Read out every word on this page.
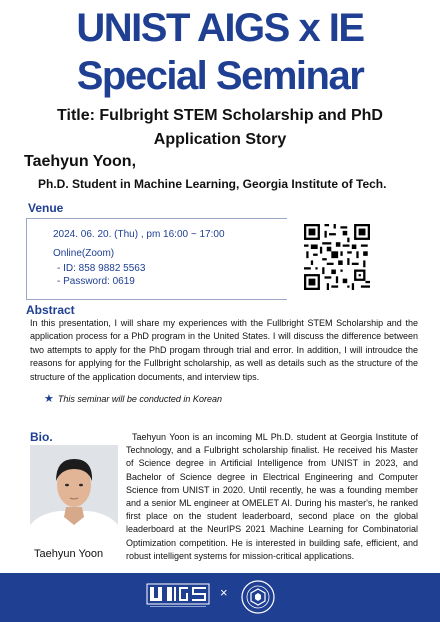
UNIST AIGS x IE
Special Seminar
Title: Fulbright STEM Scholarship and PhD
Application Story
Taehyun Yoon,
Ph.D. Student in Machine Learning, Georgia Institute of Tech.
Venue
2024. 06. 20. (Thu) , pm 16:00 ~ 17:00
Online(Zoom)
- ID: 858 9882 5563
- Password: 0619
Abstract
In this presentation, I will share my experiences with the Fullbright STEM Scholarship and the application process for a PhD program in the United States. I will discuss the difference between two attempts to apply for the PhD progam through trial and error. In addition, I will introudce the reasons for applying for the Fullbright scholarship, as well as details such as the structure of the structure of the application documents, and interview tips.
★ This seminar will be conducted in Korean
Bio.
Taehyun Yoon
Taehyun Yoon is an incoming ML Ph.D. student at Georgia Institute of Technology, and a Fulbright scholarship finalist. He received his Master of Science degree in Artificial Intelligence from UNIST in 2023, and Bachelor of Science degree in Electrical Engineering and Computer Science from UNIST in 2020. Until recently, he was a founding member and a senior ML engineer at OMELET AI. During his master's, he ranked first place on the student leaderboard, second place on the global leaderboard at the NeurIPS 2021 Machine Learning for Combinatorial Optimization competition. He is interested in building safe, efficient, and robust intelligent systems for mission-critical applications.
×
